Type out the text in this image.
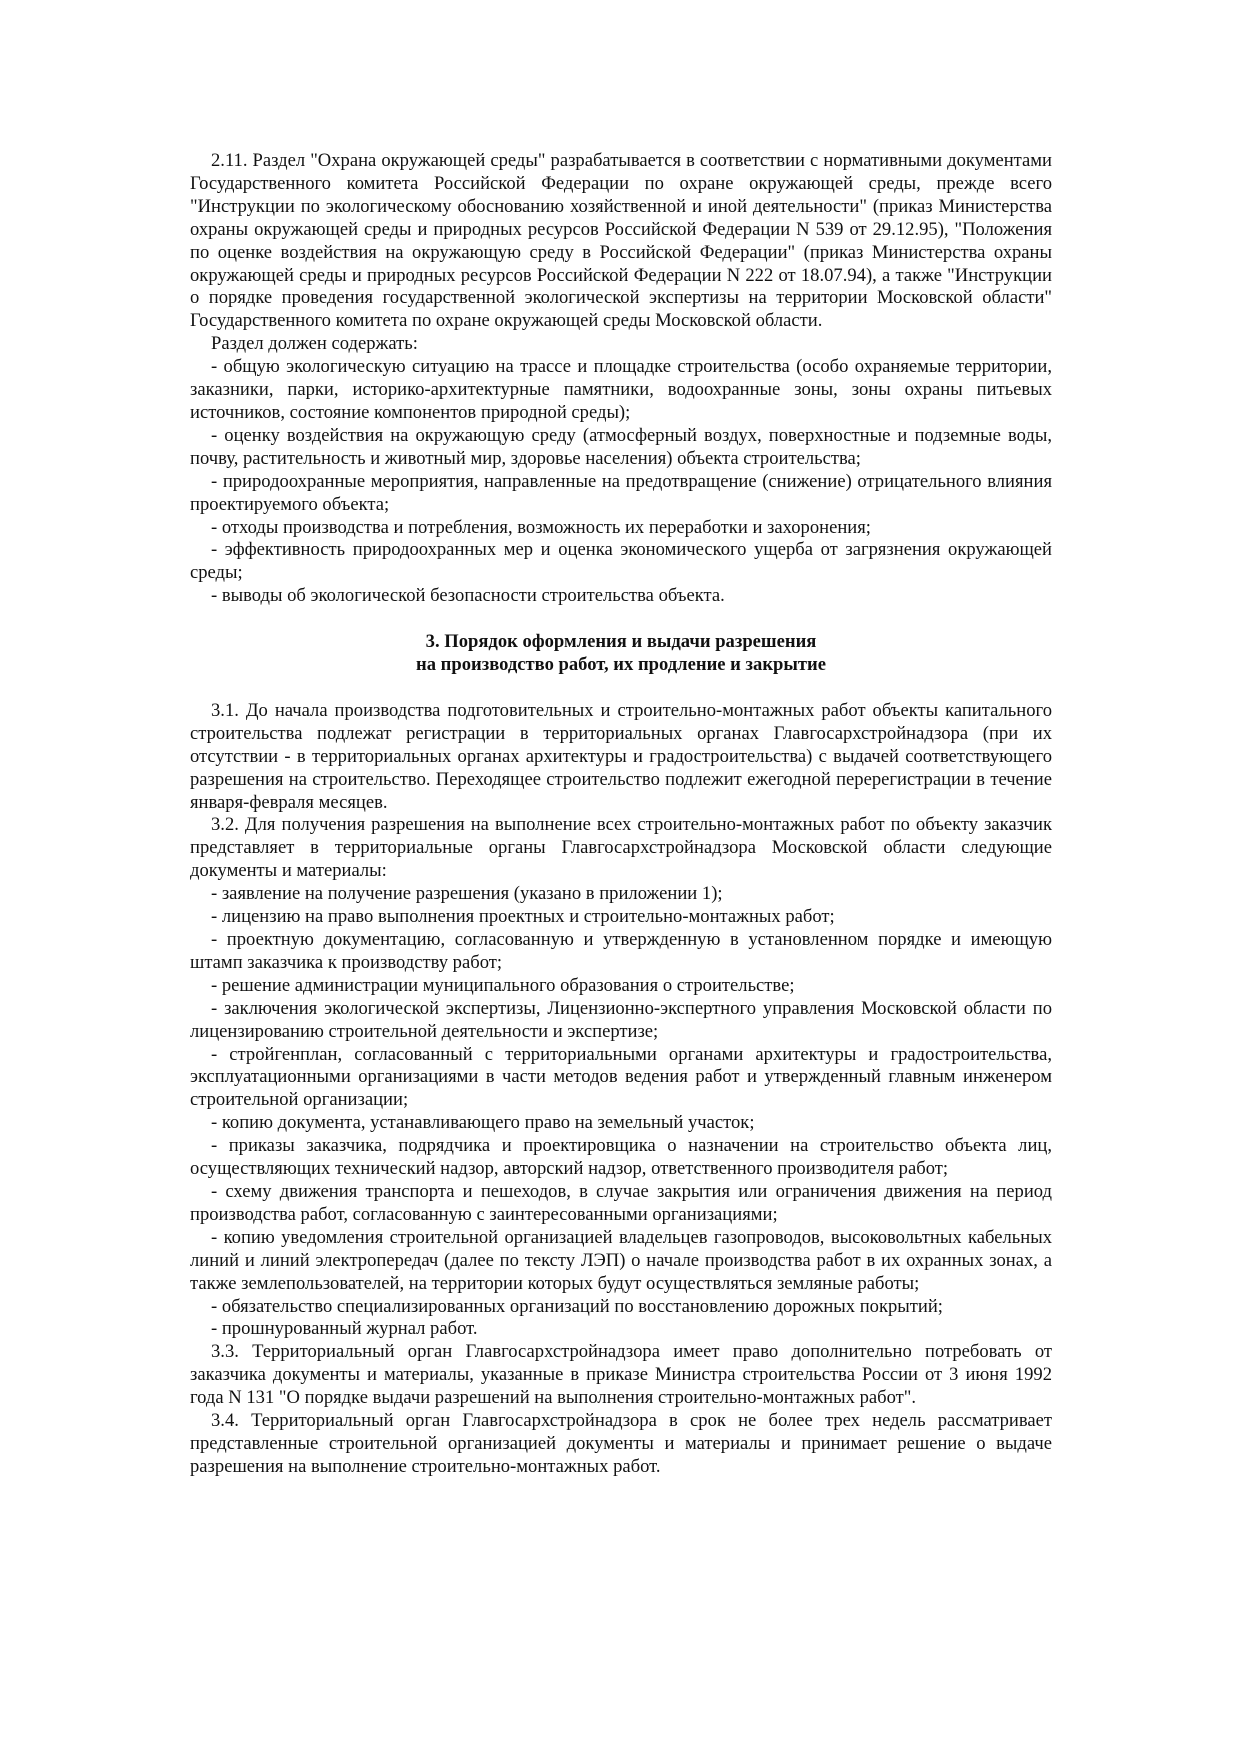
2.11. Раздел "Охрана окружающей среды" разрабатывается в соответствии с нормативными документами Государственного комитета Российской Федерации по охране окружающей среды, прежде всего "Инструкции по экологическому обоснованию хозяйственной и иной деятельности" (приказ Министерства охраны окружающей среды и природных ресурсов Российской Федерации N 539 от 29.12.95), "Положения по оценке воздействия на окружающую среду в Российской Федерации" (приказ Министерства охраны окружающей среды и природных ресурсов Российской Федерации N 222 от 18.07.94), а также "Инструкции о порядке проведения государственной экологической экспертизы на территории Московской области" Государственного комитета по охране окружающей среды Московской области.

Раздел должен содержать:

- общую экологическую ситуацию на трассе и площадке строительства (особо охраняемые территории, заказники, парки, историко-архитектурные памятники, водоохранные зоны, зоны охраны питьевых источников, состояние компонентов природной среды);

- оценку воздействия на окружающую среду (атмосферный воздух, поверхностные и подземные воды, почву, растительность и животный мир, здоровье населения) объекта строительства;

- природоохранные мероприятия, направленные на предотвращение (снижение) отрицательного влияния проектируемого объекта;

- отходы производства и потребления, возможность их переработки и захоронения;

- эффективность природоохранных мер и оценка экономического ущерба от загрязнения окружающей среды;

- выводы об экологической безопасности строительства объекта.

3. Порядок оформления и выдачи разрешения

на производство работ, их продление и закрытие

3.1. До начала производства подготовительных и строительно-монтажных работ объекты капитального строительства подлежат регистрации в территориальных органах Главгосархстройнадзора (при их отсутствии - в территориальных органах архитектуры и градостроительства) с выдачей соответствующего разрешения на строительство. Переходящее строительство подлежит ежегодной перерегистрации в течение января-февраля месяцев.

3.2. Для получения разрешения на выполнение всех строительно-монтажных работ по объекту заказчик представляет в территориальные органы Главгосархстройнадзора Московской области следующие документы и материалы:

- заявление на получение разрешения (указано в приложении 1);

- лицензию на право выполнения проектных и строительно-монтажных работ;

- проектную документацию, согласованную и утвержденную в установленном порядке и имеющую штамп заказчика к производству работ;

- решение администрации муниципального образования о строительстве;

- заключения экологической экспертизы, Лицензионно-экспертного управления Московской области по лицензированию строительной деятельности и экспертизе;

- стройгенплан, согласованный с территориальными органами архитектуры и градостроительства, эксплуатационными организациями в части методов ведения работ и утвержденный главным инженером строительной организации;

- копию документа, устанавливающего право на земельный участок;

- приказы заказчика, подрядчика и проектировщика о назначении на строительство объекта лиц, осуществляющих технический надзор, авторский надзор, ответственного производителя работ;

- схему движения транспорта и пешеходов, в случае закрытия или ограничения движения на период производства работ, согласованную с заинтересованными организациями;

- копию уведомления строительной организацией владельцев газопроводов, высоковольтных кабельных линий и линий электропередач (далее по тексту ЛЭП) о начале производства работ в их охранных зонах, а также землепользователей, на территории которых будут осуществляться земляные работы;

- обязательство специализированных организаций по восстановлению дорожных покрытий;

- прошнурованный журнал работ.

3.3. Территориальный орган Главгосархстройнадзора имеет право дополнительно потребовать от заказчика документы и материалы, указанные в приказе Министра строительства России от 3 июня 1992 года N 131 "О порядке выдачи разрешений на выполнения строительно-монтажных работ".

3.4. Территориальный орган Главгосархстройнадзора в срок не более трех недель рассматривает представленные строительной организацией документы и материалы и принимает решение о выдаче разрешения на выполнение строительно-монтажных работ.
